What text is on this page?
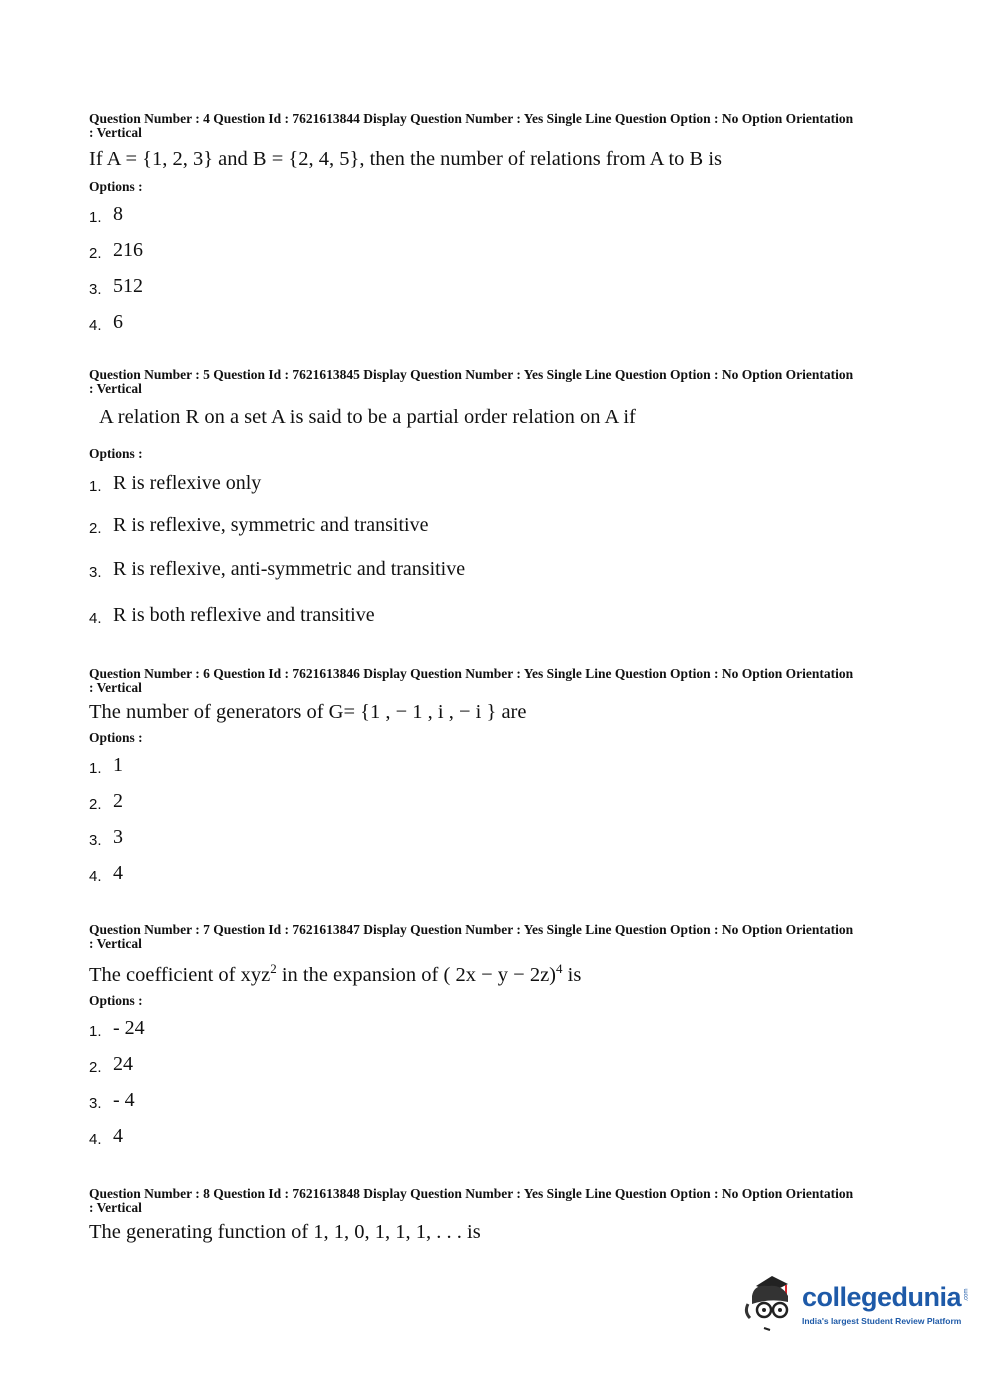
Question Number : 4 Question Id : 7621613844 Display Question Number : Yes Single Line Question Option : No Option Orientation : Vertical

If A = {1, 2, 3} and B = {2, 4, 5}, then the number of relations from A to B is

Options :

1. 8
2. 216
3. 512
4. 6

Question Number : 5 Question Id : 7621613845 Display Question Number : Yes Single Line Question Option : No Option Orientation : Vertical

A relation R on a set A is said to be a partial order relation on A if

Options :

1. R is reflexive only
2. R is reflexive, symmetric and transitive
3. R is reflexive, anti-symmetric and transitive
4. R is both reflexive and transitive

Question Number : 6 Question Id : 7621613846 Display Question Number : Yes Single Line Question Option : No Option Orientation : Vertical

The number of generators of G= {1 , − 1 , i , − i } are

Options :

1. 1
2. 2
3. 3
4. 4

Question Number : 7 Question Id : 7621613847 Display Question Number : Yes Single Line Question Option : No Option Orientation : Vertical

The coefficient of xyz$^2$ in the expansion of ( 2x − y − 2z)$^4$ is

Options :

1. - 24
2. 24
3. - 4
4. 4

Question Number : 8 Question Id : 7621613848 Display Question Number : Yes Single Line Question Option : No Option Orientation : Vertical

The generating function of 1, 1, 0, 1, 1, 1, . . . is

collegedunia .com
India's largest Student Review Platform
